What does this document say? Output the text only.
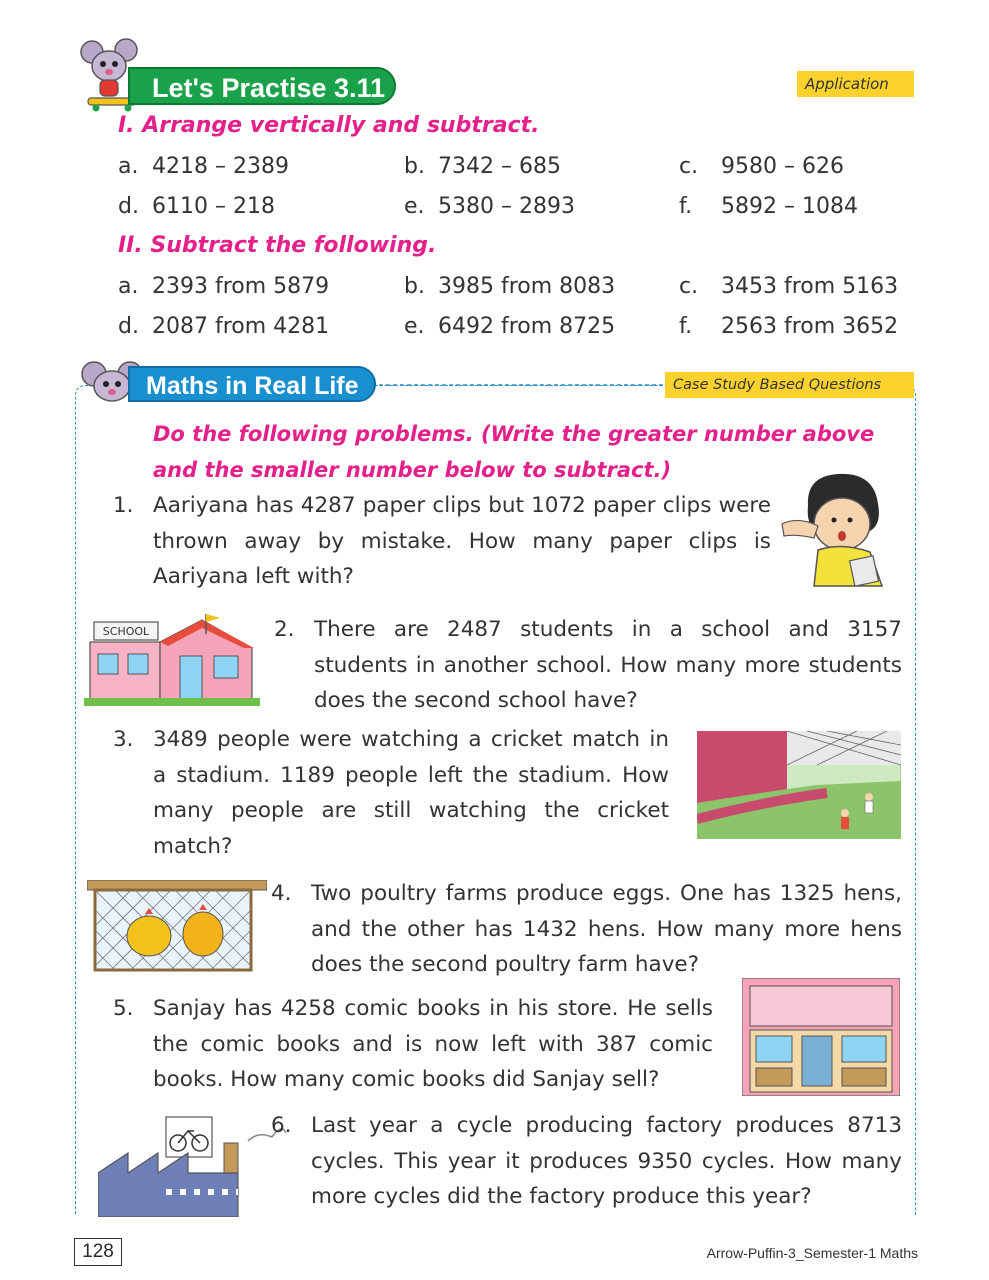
Let's Practise 3.11	Application
I. Arrange vertically and subtract.
a. 4218 – 2389	b. 7342 – 685	c. 9580 – 626
d. 6110 – 218	e. 5380 – 2893	f. 5892 – 1084
II. Subtract the following.
a. 2393 from 5879	b. 3985 from 8083	c. 3453 from 5163
d. 2087 from 4281	e. 6492 from 8725	f. 2563 from 3652
Maths in Real Life	Case Study Based Questions
Do the following problems. (Write the greater number above and the smaller number below to subtract.)
1. Aariyana has 4287 paper clips but 1072 paper clips were thrown away by mistake. How many paper clips is Aariyana left with?
SCHOOL	2. There are 2487 students in a school and 3157 students in another school. How many more students does the second school have?
3. 3489 people were watching a cricket match in a stadium. 1189 people left the stadium. How many people are still watching the cricket match?
4. Two poultry farms produce eggs. One has 1325 hens, and the other has 1432 hens. How many more hens does the second poultry farm have?
5. Sanjay has 4258 comic books in his store. He sells the comic books and is now left with 387 comic books. How many comic books did Sanjay sell?
6. Last year a cycle producing factory produces 8713 cycles. This year it produces 9350 cycles. How many more cycles did the factory produce this year?
128	Arrow-Puffin-3_Semester-1 Maths
